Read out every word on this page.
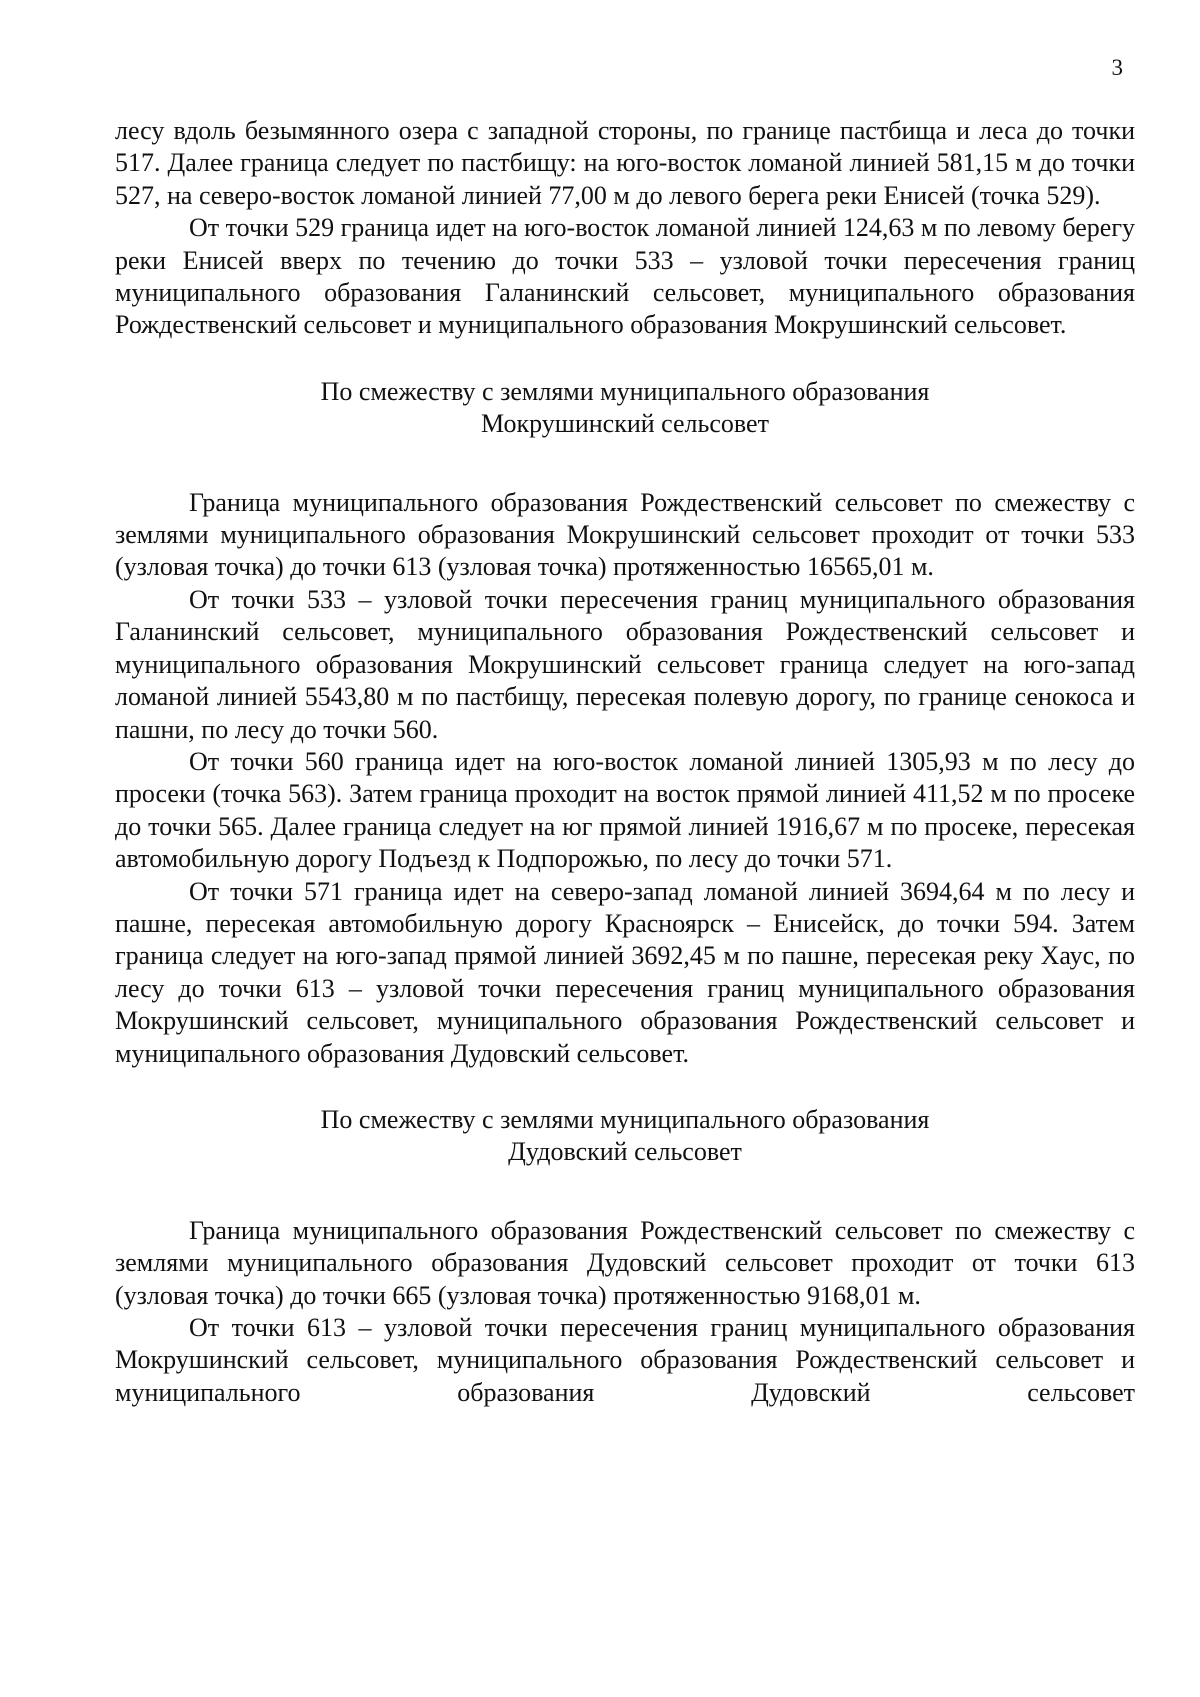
3

лесу вдоль безымянного озера с западной стороны, по границе пастбища и леса до точки 517. Далее граница следует по пастбищу: на юго-восток ломаной линией 581,15 м до точки 527, на северо-восток ломаной линией 77,00 м до левого берега реки Енисей (точка 529).

От точки 529 граница идет на юго-восток ломаной линией 124,63 м по левому берегу реки Енисей вверх по течению до точки 533 – узловой точки пересечения границ муниципального образования Галанинский сельсовет, муниципального образования Рождественский сельсовет и муниципального образования Мокрушинский сельсовет.

По смежеству с землями муниципального образования
Мокрушинский сельсовет

Граница муниципального образования Рождественский сельсовет по смежеству с землями муниципального образования Мокрушинский сельсовет проходит от точки 533 (узловая точка) до точки 613 (узловая точка) протяженностью 16565,01 м.

От точки 533 – узловой точки пересечения границ муниципального образования Галанинский сельсовет, муниципального образования Рождественский сельсовет и муниципального образования Мокрушинский сельсовет граница следует на юго-запад ломаной линией 5543,80 м по пастбищу, пересекая полевую дорогу, по границе сенокоса и пашни, по лесу до точки 560.

От точки 560 граница идет на юго-восток ломаной линией 1305,93 м по лесу до просеки (точка 563). Затем граница проходит на восток прямой линией 411,52 м по просеке до точки 565. Далее граница следует на юг прямой линией 1916,67 м по просеке, пересекая автомобильную дорогу Подъезд к Подпорожью, по лесу до точки 571.

От точки 571 граница идет на северо-запад ломаной линией 3694,64 м по лесу и пашне, пересекая автомобильную дорогу Красноярск – Енисейск, до точки 594. Затем граница следует на юго-запад прямой линией 3692,45 м по пашне, пересекая реку Хаус, по лесу до точки 613 – узловой точки пересечения границ муниципального образования Мокрушинский сельсовет, муниципального образования Рождественский сельсовет и муниципального образования Дудовский сельсовет.

По смежеству с землями муниципального образования
Дудовский сельсовет

Граница муниципального образования Рождественский сельсовет по смежеству с землями муниципального образования Дудовский сельсовет проходит от точки 613 (узловая точка) до точки 665 (узловая точка) протяженностью 9168,01 м.

От точки 613 – узловой точки пересечения границ муниципального образования Мокрушинский сельсовет, муниципального образования Рождественский сельсовет и муниципального образования Дудовский сельсовет
